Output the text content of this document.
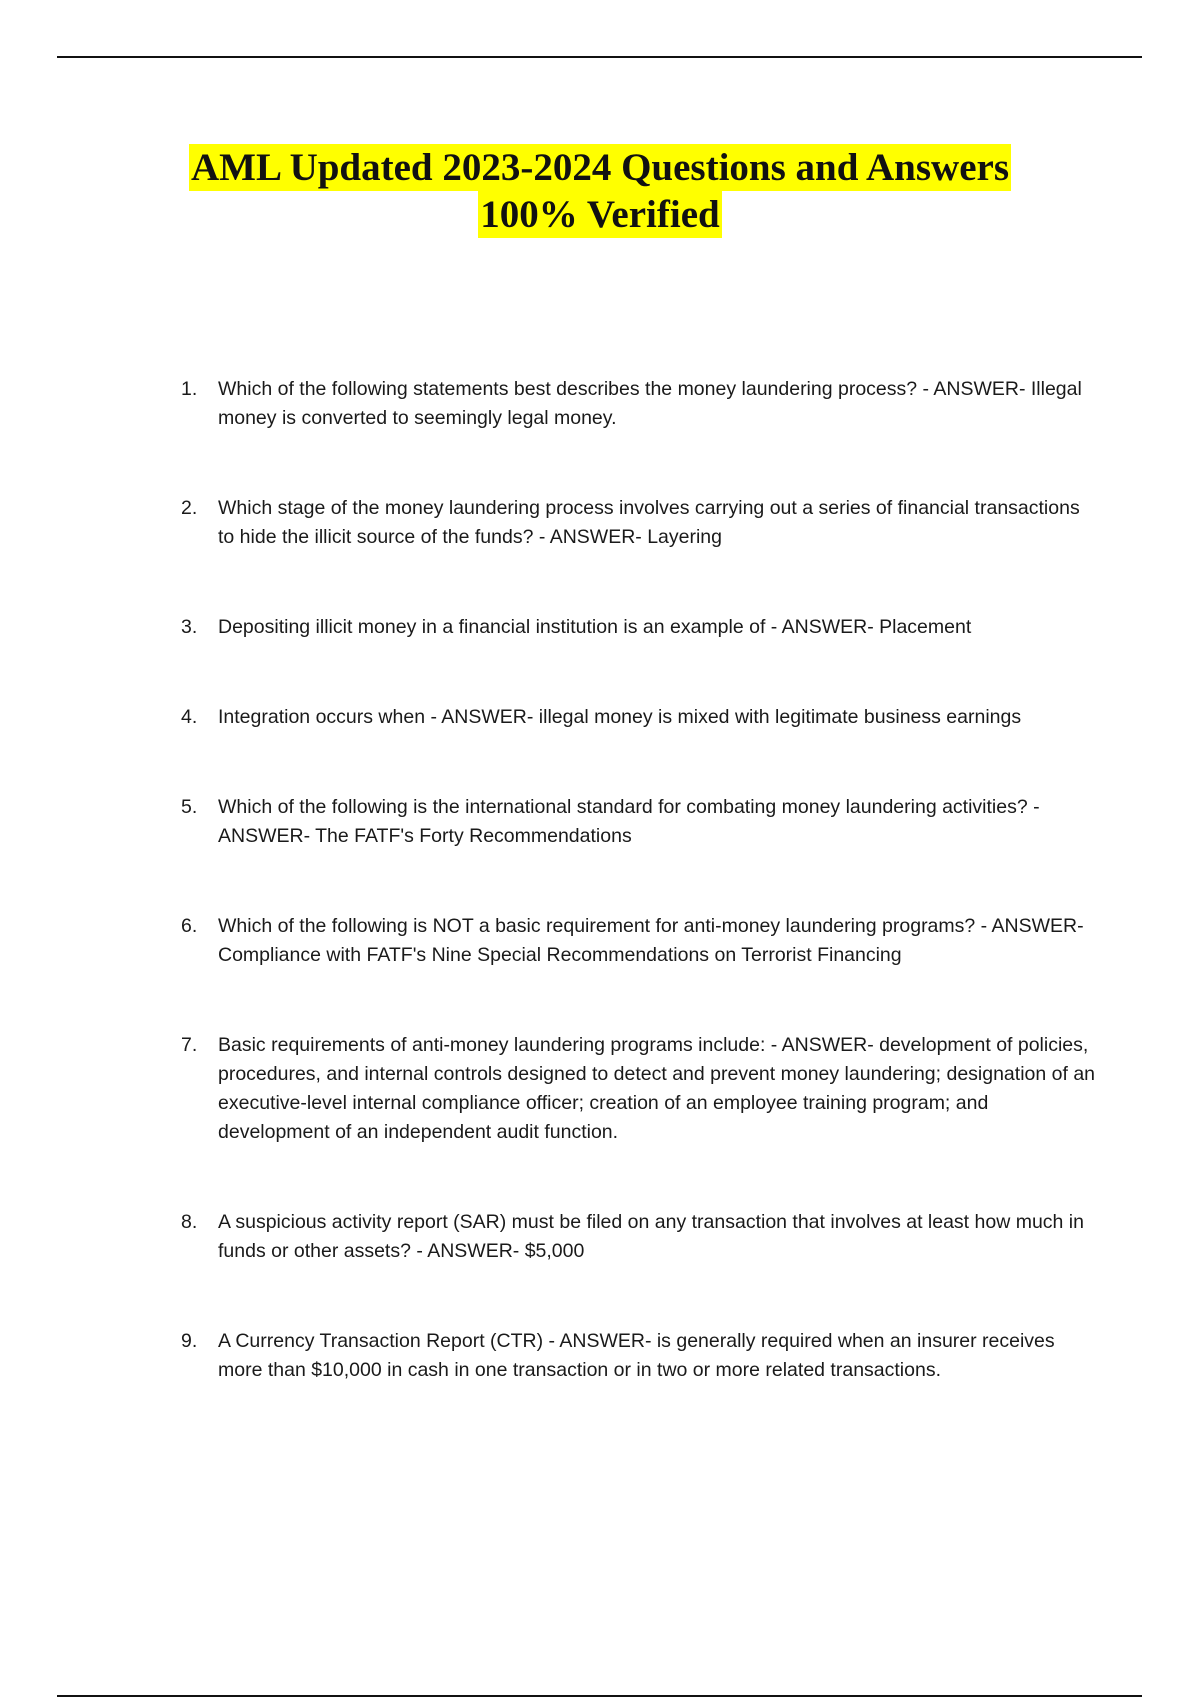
AML Updated 2023-2024 Questions and Answers
100% Verified
1. Which of the following statements best describes the money laundering process? - ANSWER- Illegal money is converted to seemingly legal money.
2. Which stage of the money laundering process involves carrying out a series of financial transactions to hide the illicit source of the funds? - ANSWER- Layering
3. Depositing illicit money in a financial institution is an example of - ANSWER- Placement
4. Integration occurs when - ANSWER- illegal money is mixed with legitimate business earnings
5. Which of the following is the international standard for combating money laundering activities? - ANSWER- The FATF's Forty Recommendations
6. Which of the following is NOT a basic requirement for anti-money laundering programs? - ANSWER- Compliance with FATF's Nine Special Recommendations on Terrorist Financing
7. Basic requirements of anti-money laundering programs include: - ANSWER- development of policies, procedures, and internal controls designed to detect and prevent money laundering; designation of an executive-level internal compliance officer; creation of an employee training program; and development of an independent audit function.
8. A suspicious activity report (SAR) must be filed on any transaction that involves at least how much in funds or other assets? - ANSWER- $5,000
9. A Currency Transaction Report (CTR) - ANSWER- is generally required when an insurer receives more than $10,000 in cash in one transaction or in two or more related transactions.
